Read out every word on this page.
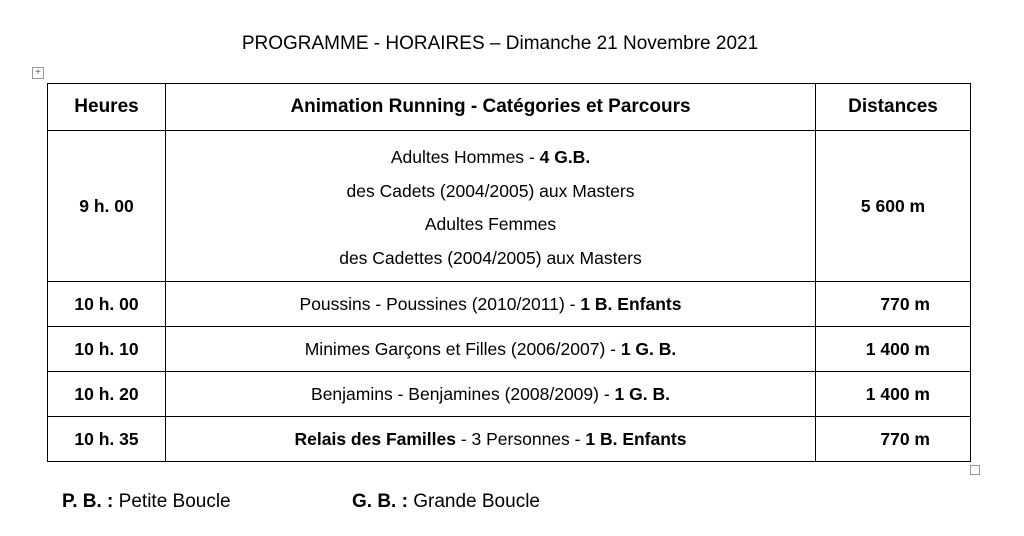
PROGRAMME - HORAIRES – Dimanche 21 Novembre 2021
+
Heures	Animation Running - Catégories et Parcours	Distances
9 h. 00	Adultes Hommes - 4 G.B.
des Cadets (2004/2005) aux Masters
Adultes Femmes
des Cadettes (2004/2005) aux Masters	5 600 m
10 h. 00	Poussins - Poussines (2010/2011) - 1 B. Enfants	770 m
10 h. 10	Minimes Garçons et Filles (2006/2007) - 1 G. B.	1 400 m
10 h. 20	Benjamins - Benjamines (2008/2009) - 1 G. B.	1 400 m
10 h. 35	Relais des Familles - 3 Personnes - 1 B. Enfants	770 m
P. B. : Petite Boucle	G. B. : Grande Boucle
